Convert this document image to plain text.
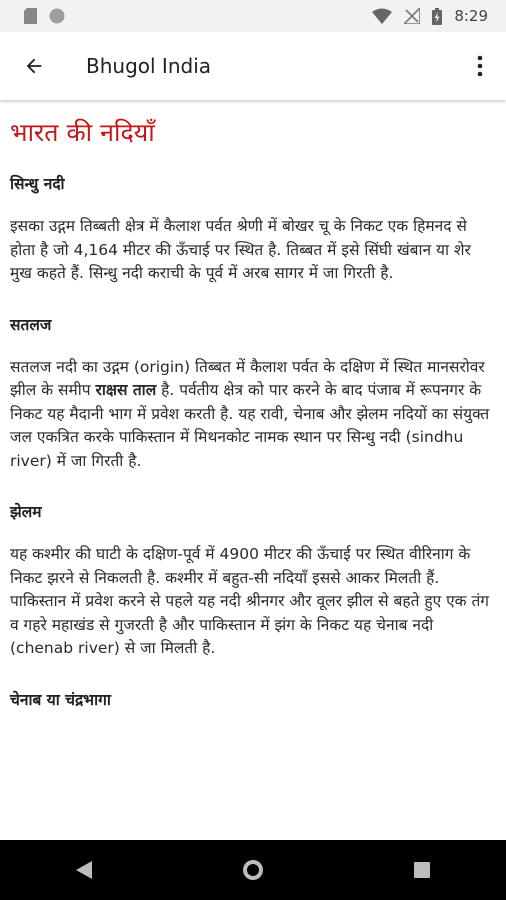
8:29
Bhugol India
भारत की नदियाँ
सिन्धु नदी

इसका उद्गम तिब्बती क्षेत्र में कैलाश पर्वत श्रेणी में बोखर चू के निकट एक हिमनद से होता है जो 4,164 मीटर की ऊँचाई पर स्थित है. तिब्बत में इसे सिंघी खंबान या शेर मुख कहते हैं. सिन्धु नदी कराची के पूर्व में अरब सागर में जा गिरती है.

सतलज

सतलज नदी का उद्गम (origin) तिब्बत में कैलाश पर्वत के दक्षिण में स्थित मानसरोवर झील के समीप राक्षस ताल है. पर्वतीय क्षेत्र को पार करने के बाद पंजाब में रूपनगर के निकट यह मैदानी भाग में प्रवेश करती है. यह रावी, चेनाब और झेलम नदियों का संयुक्त जल एकत्रित करके पाकिस्तान में मिथनकोट नामक स्थान पर सिन्धु नदी (sindhu river) में जा गिरती है.

झेलम

यह कश्मीर की घाटी के दक्षिण-पूर्व में 4900 मीटर की ऊँचाई पर स्थित वीरिनाग के निकट झरने से निकलती है. कश्मीर में बहुत-सी नदियाँ इससे आकर मिलती हैं. पाकिस्तान में प्रवेश करने से पहले यह नदी श्रीनगर और वूलर झील से बहते हुए एक तंग व गहरे महाखंड से गुजरती है और पाकिस्तान में झंग के निकट यह चेनाब नदी (chenab river) से जा मिलती है.

चेनाब या चंद्रभागा
